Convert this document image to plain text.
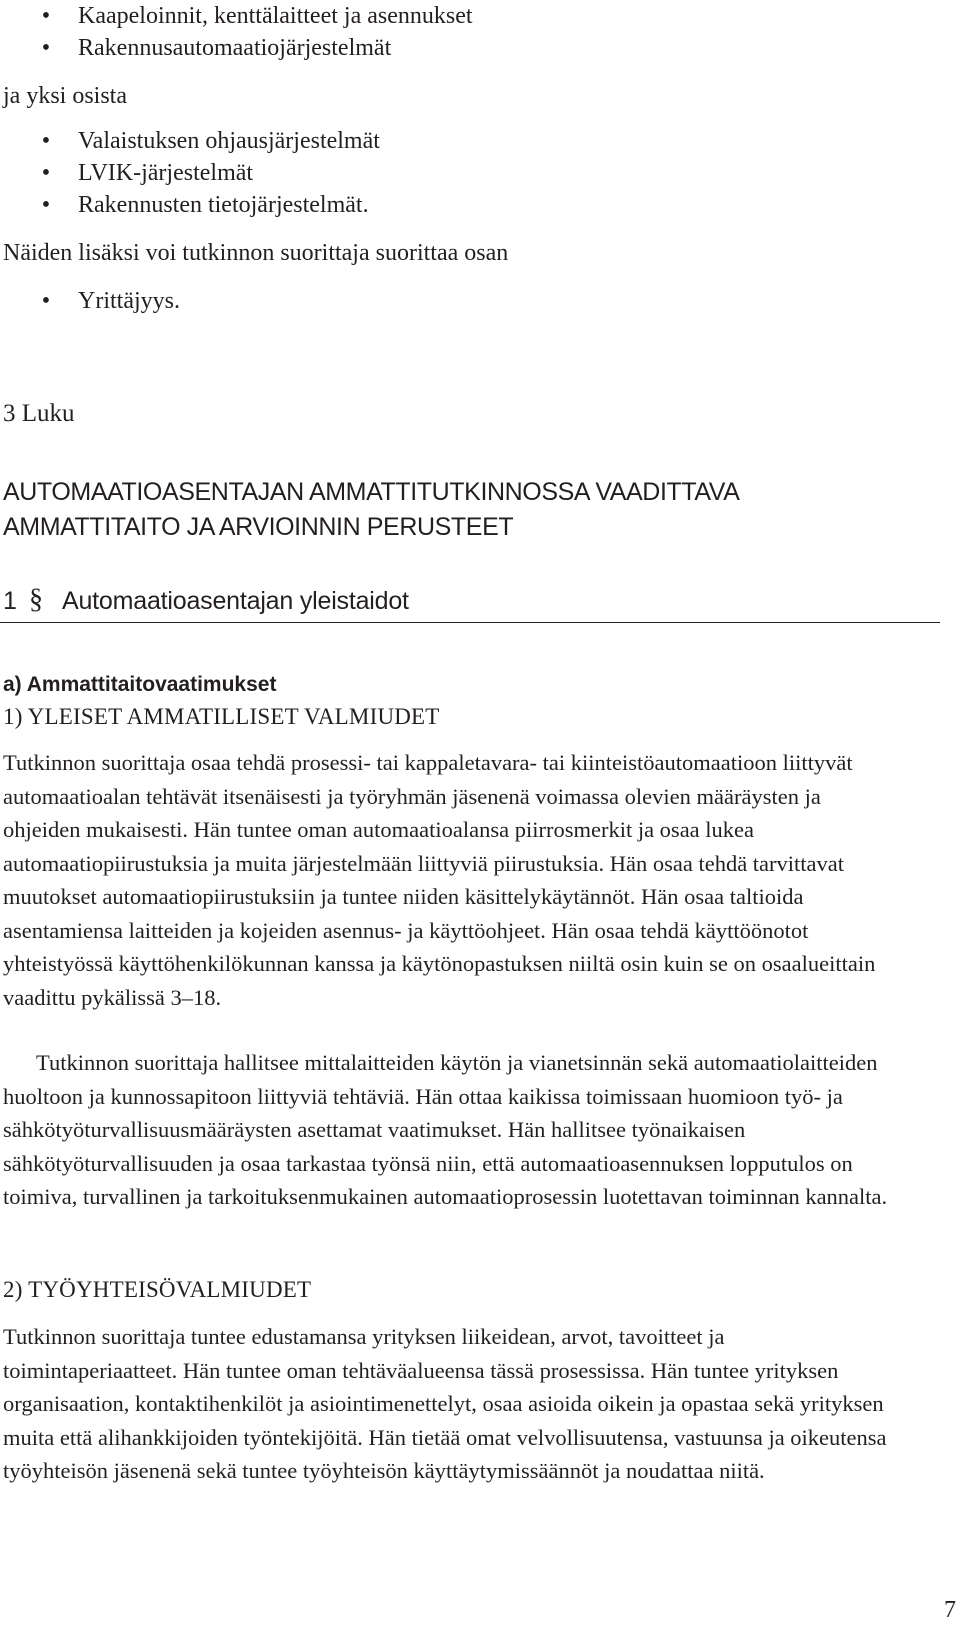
• Kaapeloinnit, kenttälaitteet ja asennukset
• Rakennusautomaatiojärjestelmät

ja yksi osista

• Valaistuksen ohjausjärjestelmät
• LVIK-järjestelmät
• Rakennusten tietojärjestelmät.

Näiden lisäksi voi tutkinnon suorittaja suorittaa osan

• Yrittäjyys.

3 Luku

AUTOMAATIOASENTAJAN AMMATTITUTKINNOSSA VAADITTAVA
AMMATTITAITO JA ARVIOINNIN PERUSTEET
1 § Automaatioasentajan yleistaidot
a) Ammattitaitovaatimukset
1) YLEISET AMMATILLISET VALMIUDET

Tutkinnon suorittaja osaa tehdä prosessi- tai kappaletavara- tai kiinteistöautomaatioon liittyvät automaatioalan tehtävät itsenäisesti ja työryhmän jäsenenä voimassa olevien määräysten ja ohjeiden mukaisesti. Hän tuntee oman automaatioalansa piirrosmerkit ja osaa lukea automaatiopiirustuksia ja muita järjestelmään liittyviä piirustuksia. Hän osaa tehdä tarvittavat muutokset automaatiopiirustuksiin ja tuntee niiden käsittelykäytännöt. Hän osaa taltioida asentamiensa laitteiden ja kojeiden asennus- ja käyttöohjeet. Hän osaa tehdä käyttöönotot yhteistyössä käyttöhenkilökunnan kanssa ja käytönopastuksen niiltä osin kuin se on osaalueittain vaadittu pykälissä 3–18.

Tutkinnon suorittaja hallitsee mittalaitteiden käytön ja vianetsinnän sekä automaatiolaitteiden huoltoon ja kunnossapitoon liittyviä tehtäviä. Hän ottaa kaikissa toimissaan huomioon työ- ja sähkötyöturvallisuusmääräysten asettamat vaatimukset. Hän hallitsee työnaikaisen sähkötyöturvallisuuden ja osaa tarkastaa työnsä niin, että automaatioasennuksen lopputulos on toimiva, turvallinen ja tarkoituksenmukainen automaatioprosessin luotettavan toiminnan kannalta.

2) TYÖYHTEISÖVALMIUDET

Tutkinnon suorittaja tuntee edustamansa yrityksen liikeidean, arvot, tavoitteet ja toimintaperiaatteet. Hän tuntee oman tehtäväalueensa tässä prosessissa. Hän tuntee yrityksen organisaation, kontaktihenkilöt ja asiointimenettelyt, osaa asioida oikein ja opastaa sekä yrityksen muita että alihankkijoiden työntekijöitä. Hän tietää omat velvollisuutensa, vastuunsa ja oikeutensa työyhteisön jäsenenä sekä tuntee työyhteisön käyttäytymissäännöt ja noudattaa niitä.

7
